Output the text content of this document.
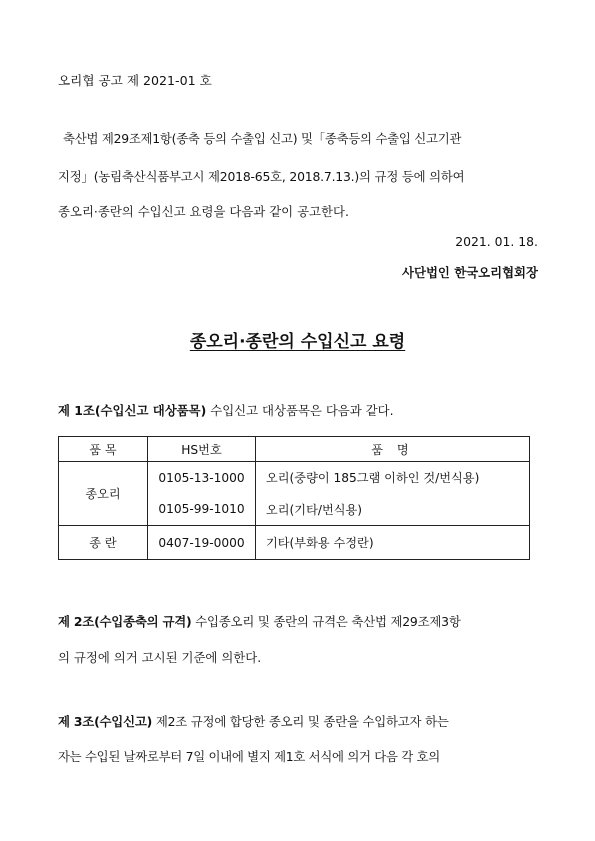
오리협 공고 제 2021-01 호
축산법 제29조제1항(종축 등의 수출입 신고) 및「종축등의 수출입 신고기관
지정」(농림축산식품부고시 제2018-65호, 2018.7.13.)의 규정 등에 의하여
종오리·종란의 수입신고 요령을 다음과 같이 공고한다.
2021. 01. 18.
사단법인 한국오리협회장
종오리·종란의 수입신고 요령
제 1조(수입신고 대상품목) 수입신고 대상품목은 다음과 같다.
품 목	HS번호	품 명
종오리	0105-13-1000	오리(중량이 185그램 이하인 것/번식용)
	0105-99-1010	오리(기타/번식용)
종 란	0407-19-0000	기타(부화용 수정란)
제 2조(수입종축의 규격) 수입종오리 및 종란의 규격은 축산법 제29조제3항
의 규정에 의거 고시된 기준에 의한다.
제 3조(수입신고) 제2조 규정에 합당한 종오리 및 종란을 수입하고자 하는
자는 수입된 날짜로부터 7일 이내에 별지 제1호 서식에 의거 다음 각 호의
